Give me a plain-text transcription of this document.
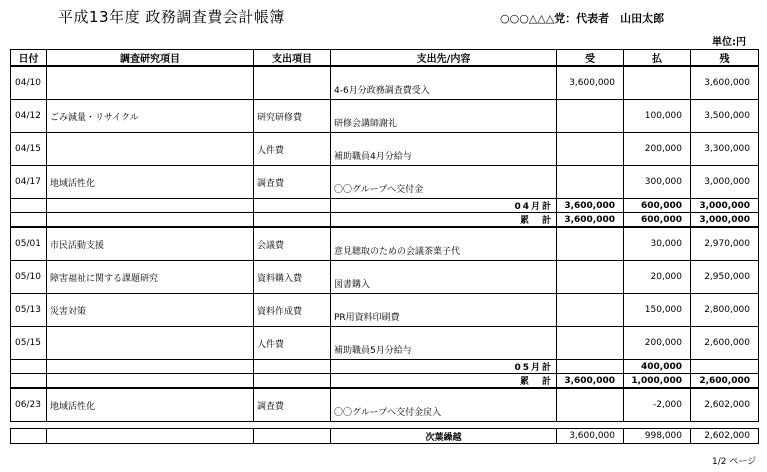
平成13年度 政務調査費会計帳簿	○○○△△△党：代表者　山田太郎
単位:円
日付	調査研究項目	支出項目	支出先/内容	受	払	残
04/10			4-6月分政務調査費受入	3,600,000		3,600,000
04/12	ごみ減量・リサイクル	研究研修費	研修会講師謝礼		100,000	3,500,000
04/15		人件費	補助職員4月分給与		200,000	3,300,000
04/17	地域活性化	調査費	〇〇グループへ交付金		300,000	3,000,000
			04月計	3,600,000	600,000	3,000,000
			累　計	3,600,000	600,000	3,000,000
05/01	市民活動支援	会議費	意見聴取のための会議茶菓子代		30,000	2,970,000
05/10	障害福祉に関する課題研究	資料購入費	図書購入		20,000	2,950,000
05/13	災害対策	資料作成費	PR用資料印刷費		150,000	2,800,000
05/15		人件費	補助職員5月分給与		200,000	2,600,000
			05月計		400,000	
			累　計	3,600,000	1,000,000	2,600,000
06/23	地域活性化	調査費	〇〇グループへ交付金戻入		-2,000	2,602,000
			次葉繰越	3,600,000	998,000	2,602,000
1/2 ページ
